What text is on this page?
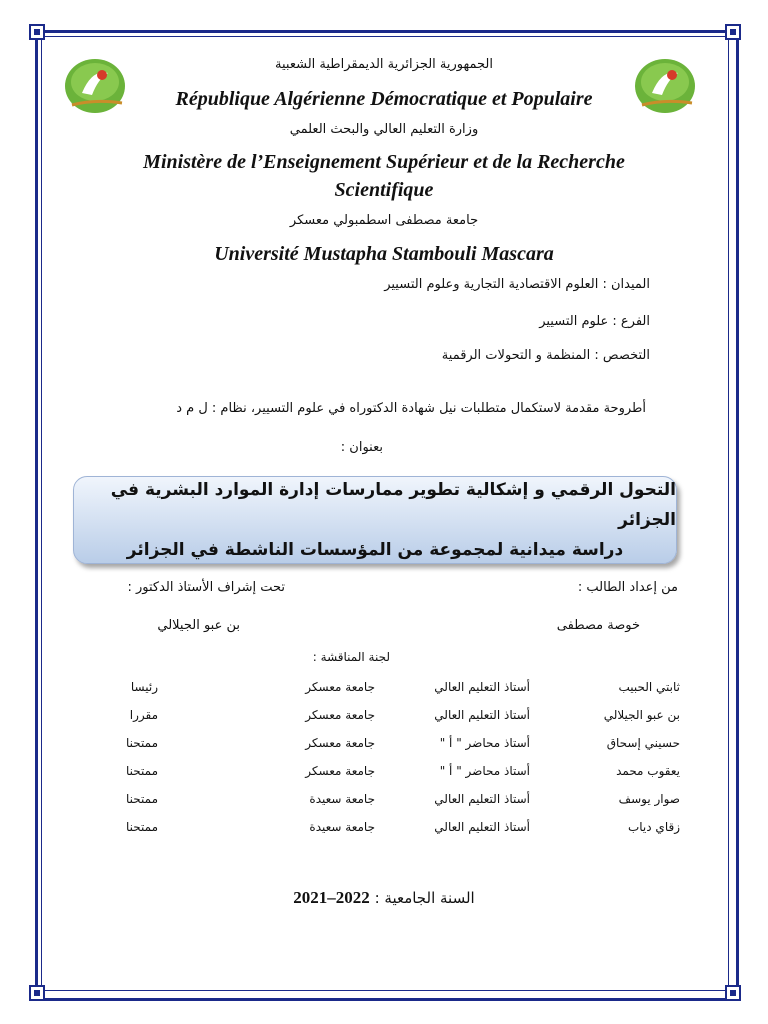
الجمهورية الجزائرية الديمقراطية الشعبية
République Algérienne Démocratique et Populaire
وزارة التعليم العالي والبحث العلمي
Ministère de l’Enseignement Supérieur et de la Recherche
Scientifique
جامعة مصطفى اسطمبولي معسكر
Université Mustapha Stambouli Mascara
الميدان : العلوم الاقتصادية التجارية وعلوم التسيير
الفرع : علوم التسيير
التخصص : المنظمة و التحولات الرقمية
أطروحة مقدمة لاستكمال متطلبات نيل شهادة الدكتوراه في علوم التسيير، نظام : ل م د
بعنوان :
التحول الرقمي و إشكالية تطوير ممارسات إدارة الموارد البشرية في الجزائر
دراسة ميدانية لمجموعة من المؤسسات الناشطة في الجزائر
من إعداد الطالب :
تحت إشراف الأستاذ الدكتور :
خوصة مصطفى
بن عبو الجيلالي
لجنة المناقشة :
ثابتي الحبيب
أستاذ التعليم العالي
جامعة معسكر
رئيسا
بن عبو الجيلالي
أستاذ التعليم العالي
جامعة معسكر
مقررا
حسيني إسحاق
أستاذ محاضر " أ "
جامعة معسكر
ممتحنا
يعقوب محمد
أستاذ محاضر " أ "
جامعة معسكر
ممتحنا
صوار يوسف
أستاذ التعليم العالي
جامعة سعيدة
ممتحنا
زقاي دياب
أستاذ التعليم العالي
جامعة سعيدة
ممتحنا
السنة الجامعية : 2022–2021
